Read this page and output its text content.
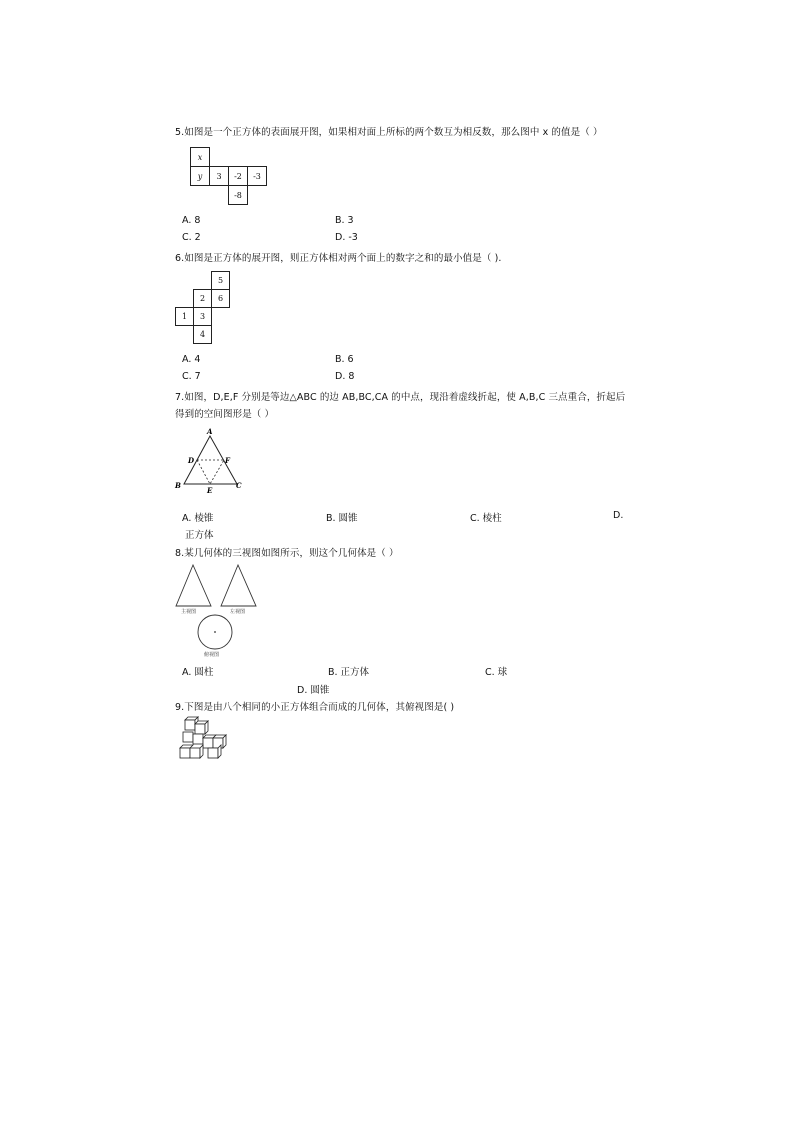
5.如图是一个正方体的表面展开图，如果相对面上所标的两个数互为相反数，那么图中 x 的值是（ ）
x
y	3	-2	-3
-8
A. 8	B. 3
C. 2	D. -3
6.如图是正方体的展开图，则正方体相对两个面上的数字之和的最小值是（ ).
5
2	6
1	3
4
A. 4	B. 6
C. 7	D. 8
7.如图，D,E,F 分别是等边△ABC 的边 AB,BC,CA 的中点，现沿着虚线折起，使 A,B,C 三点重合，折起后
得到的空间图形是（ ）
A
B	C
D
E
F
A. 棱锥	B. 圆锥	C. 棱柱	D.
正方体
8.某几何体的三视图如图所示，则这个几何体是（ ）
主视图	左视图
俯视图
A. 圆柱	B. 正方体	C. 球
D. 圆锥
9.下图是由八个相同的小正方体组合而成的几何体，其俯视图是( )
